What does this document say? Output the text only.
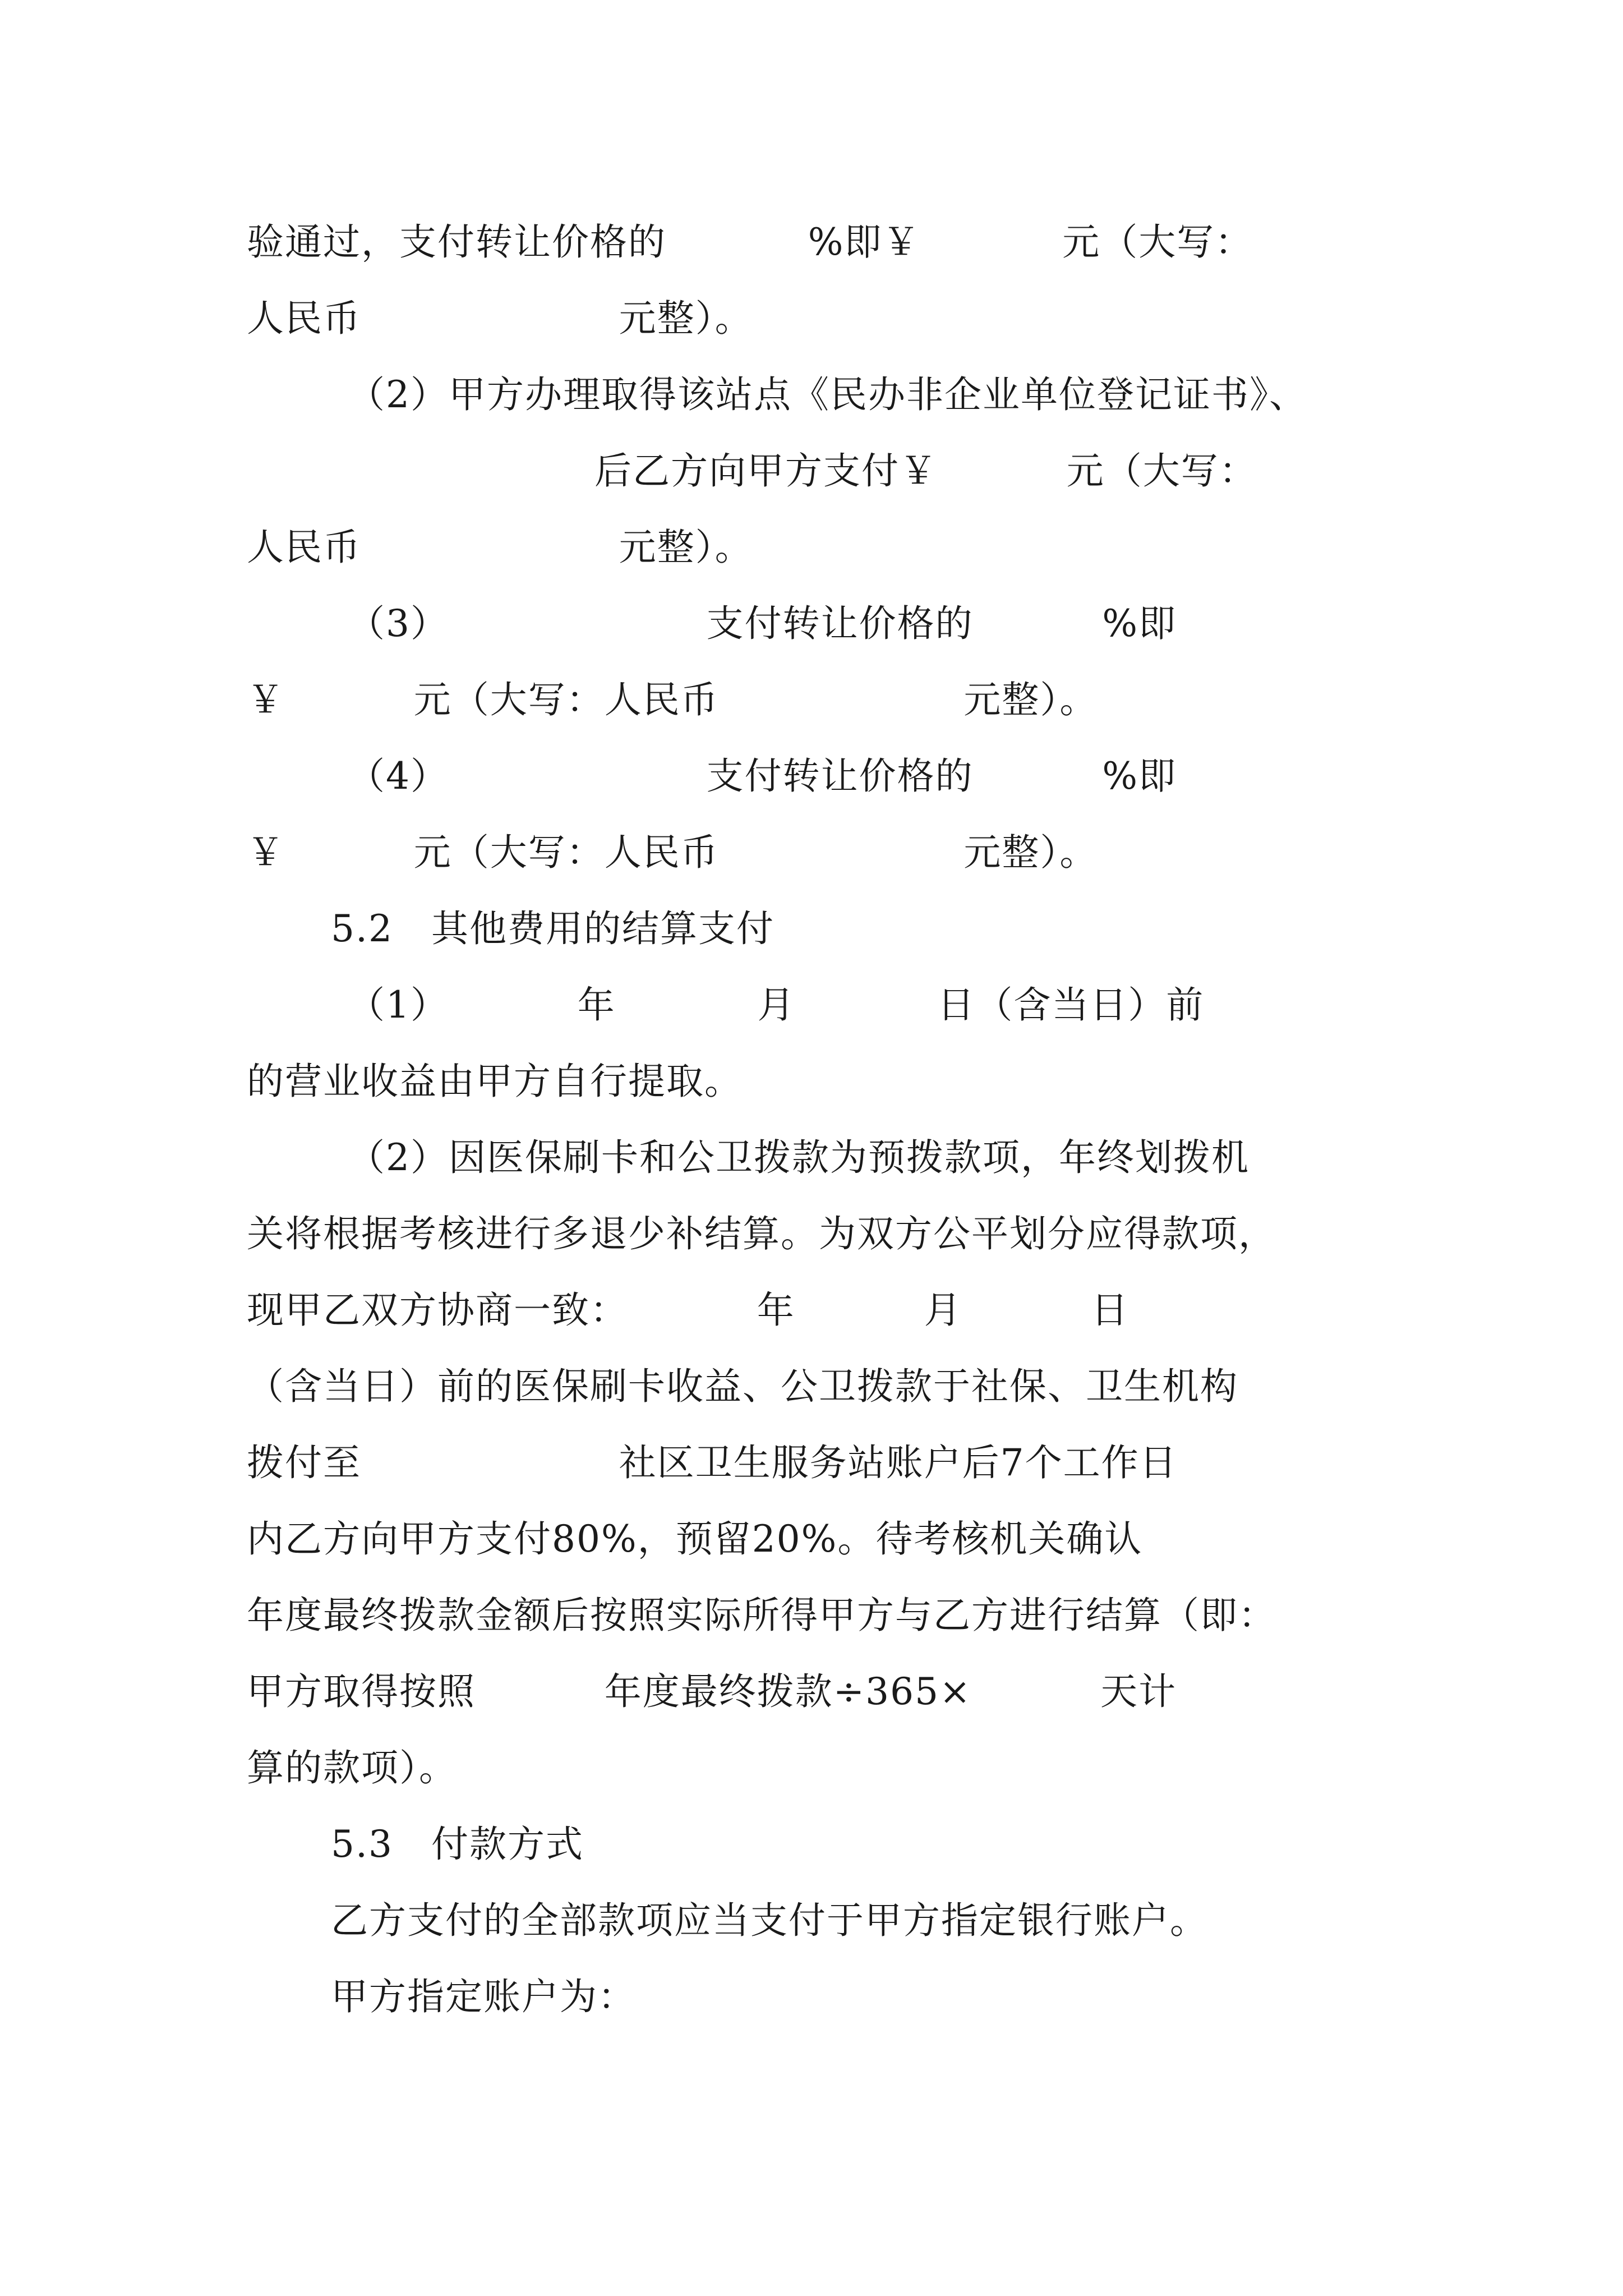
验通过，支付转让价格的           %即￥           元（大写：
人民币                    元整）。
（2）甲方办理取得该站点《民办非企业单位登记证书》、
后乙方向甲方支付￥          元（大写：
人民币                    元整）。
（3）                    支付转让价格的          %即
￥          元（大写：人民币                   元整）。
（4）                    支付转让价格的          %即
￥          元（大写：人民币                   元整）。
5.2　其他费用的结算支付
（1）          年           月           日（含当日）前
的营业收益由甲方自行提取。
（2）因医保刷卡和公卫拨款为预拨款项，年终划拨机
关将根据考核进行多退少补结算。为双方公平划分应得款项，
现甲乙双方协商一致：          年          月          日
（含当日）前的医保刷卡收益、公卫拨款于社保、卫生机构
拨付至                    社区卫生服务站账户后7个工作日
内乙方向甲方支付80%，预留20%。待考核机关确认
年度最终拨款金额后按照实际所得甲方与乙方进行结算（即：
甲方取得按照          年度最终拨款÷365×          天计
算的款项）。
5.3　付款方式
乙方支付的全部款项应当支付于甲方指定银行账户。
甲方指定账户为：
